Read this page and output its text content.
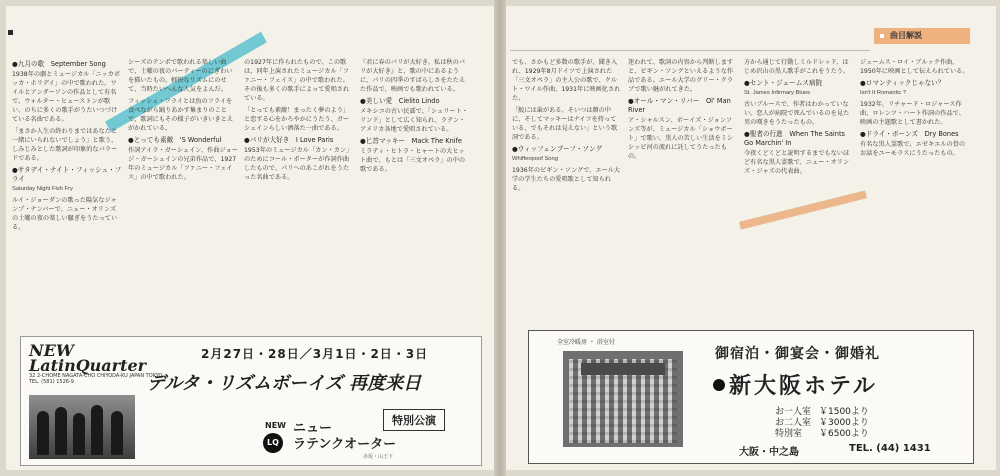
●九月の歌　September Song

1938年の劇とミュージカル「ニッカボッカ・ホリデイ」の中で歌われた。ワイルとアンダーソンの作品として有名で、ウォルター・ヒューストンが歌い、のちに多くの歌手がうたいつづけている名曲である。

「まさか人生の終わりまではあなたと一緒にいられないでしょう」と歌う、しみじみとした歌詞が印象的なバラードである。

●サタデイ・ナイト・フィッシュ・フライ
Saturday Night Fish Fry

ルイ・ジョーダンの歌った陽気なジャンプ・ナンバーで、ニュー・オリンズの土曜の夜の楽しい騒ぎをうたっている。

シーズのテンポで歌われる楽しい曲で、土曜の夜のパーティーのにぎわいを描いたもの。軽快なリズムにのせて、当時たいへんな人気をよんだ。

フィッシュ・フライとは魚のフライを食べながら踊りあかす集まりのことで、歌詞にもその様子がいきいきとえがかれている。

●とっても素敵　'S Wonderful

作詞アイラ・ガーシュイン、作曲ジョージ・ガーシュインの兄弟作品で、1927年のミュージカル「ファニー・フェイス」の中で歌われた。

の1927年に作られたもので、この歌は、同年上演されたミュージカル「ファニー・フェイス」の中で歌われた。その後も多くの歌手によって愛唱されている。

「とっても素敵！まったく夢のよう」と恋する心をかろやかにうたう、ガーシュインらしい洒落た一曲である。

●パリが大好き　I Love Paris

1953年のミュージカル「カン・カン」のためにコール・ポーターが作詞作曲したもので、パリへのあこがれをうたった名曲である。

『君に春のパリが大好き。私は秋のパリが大好き』と、歌の中にあるように、パリの四季のすばらしさをたたえた作品で、映画でも歌われている。

●美しい愛　Cielito Lindo

メキシコの古い民謡で、「シェリート・リンド」として広く知られ、ラテン・アメリカ各地で愛唱されている。

●匕首マッキー　Mack The Knife

ミラティ・ヒトラ・ヒャートの大ヒット曲で、もとは「三文オペラ」の中の歌である。

NEW
LatinQuarter
32 2-CHOME NAGATA-CHO CHIYODA-KU JAPAN TOKYO
TEL. (581) 1526-9
2月27日・28日／3月1日・2日・3日
デルタ・リズムボーイズ 再度来日
特別公演
NEW
LQ
ニュー
ラテンクオーター
赤坂・山王下
曲目解説

でも、さかもど多数の歌手が、聞き入れ、1929年8月ドイツで上演された「三文オペラ」の主人公の歌で、クルト・ワイル作曲、1931年に映画化された。

「鮫には歯がある、そいつは顔の中に、そしてマッキーはナイフを持っている、でもそれは見えない」という歌詞である。

●ウィッフェンプーフ・ソング
Whiffenpoof Song

1936年のビギン・ソングで、エール大学の学生たちの愛唱歌として知られる。

迷われて、歌詞の内容から判断しますと、ビギン・ソングといえるような作品である。エール大学のグリー・クラブで歌い継がれてきた。

●オール・マン・リバー　Ol' Man River

ア・シャルスン、ボーイズ・ジョンソンズ等が、ミュージカル「ショウボート」で歌い、黒人の苦しい生活をミシシッピ河の流れに託してうたったもの。

方から通じて行動しミルドレッド、はじめ沢山の黒人歌手がこれをうたう。

●セント・ジェームス病院
St. James Infirmary Blues

古いブルースで、作者はわかっていない。恋人が病院で死んでいるのを見た男の嘆きをうたったもの。

●聖者の行進　When The Saints Go Marchin' In

今夜くどくどと説明するまでもないほど有名な黒人霊歌で、ニュー・オリンズ・ジャズの代表曲。

ジェームス・ロイ・ブルック作曲、1950年に映画として伝えられている。

●ロマンティックじゃない？
Isn't It Romantic ?

1932年、リチャード・ロジャース作曲、ロレンツ・ハート作詞の作品で、映画の主題歌として書かれた。

●ドライ・ボーンズ　Dry Bones

有名な黒人霊歌で、エゼキエルの骨のお話をユーモラスにうたったもの。

全室冷暖房 ・ 浴室付
御宿泊・御宴会・御婚礼
新大阪ホテル
お一人室 ￥1500より
お二人室 ￥3000より
特別室 ￥6500より
大阪・中之島	TEL. (44) 1431
